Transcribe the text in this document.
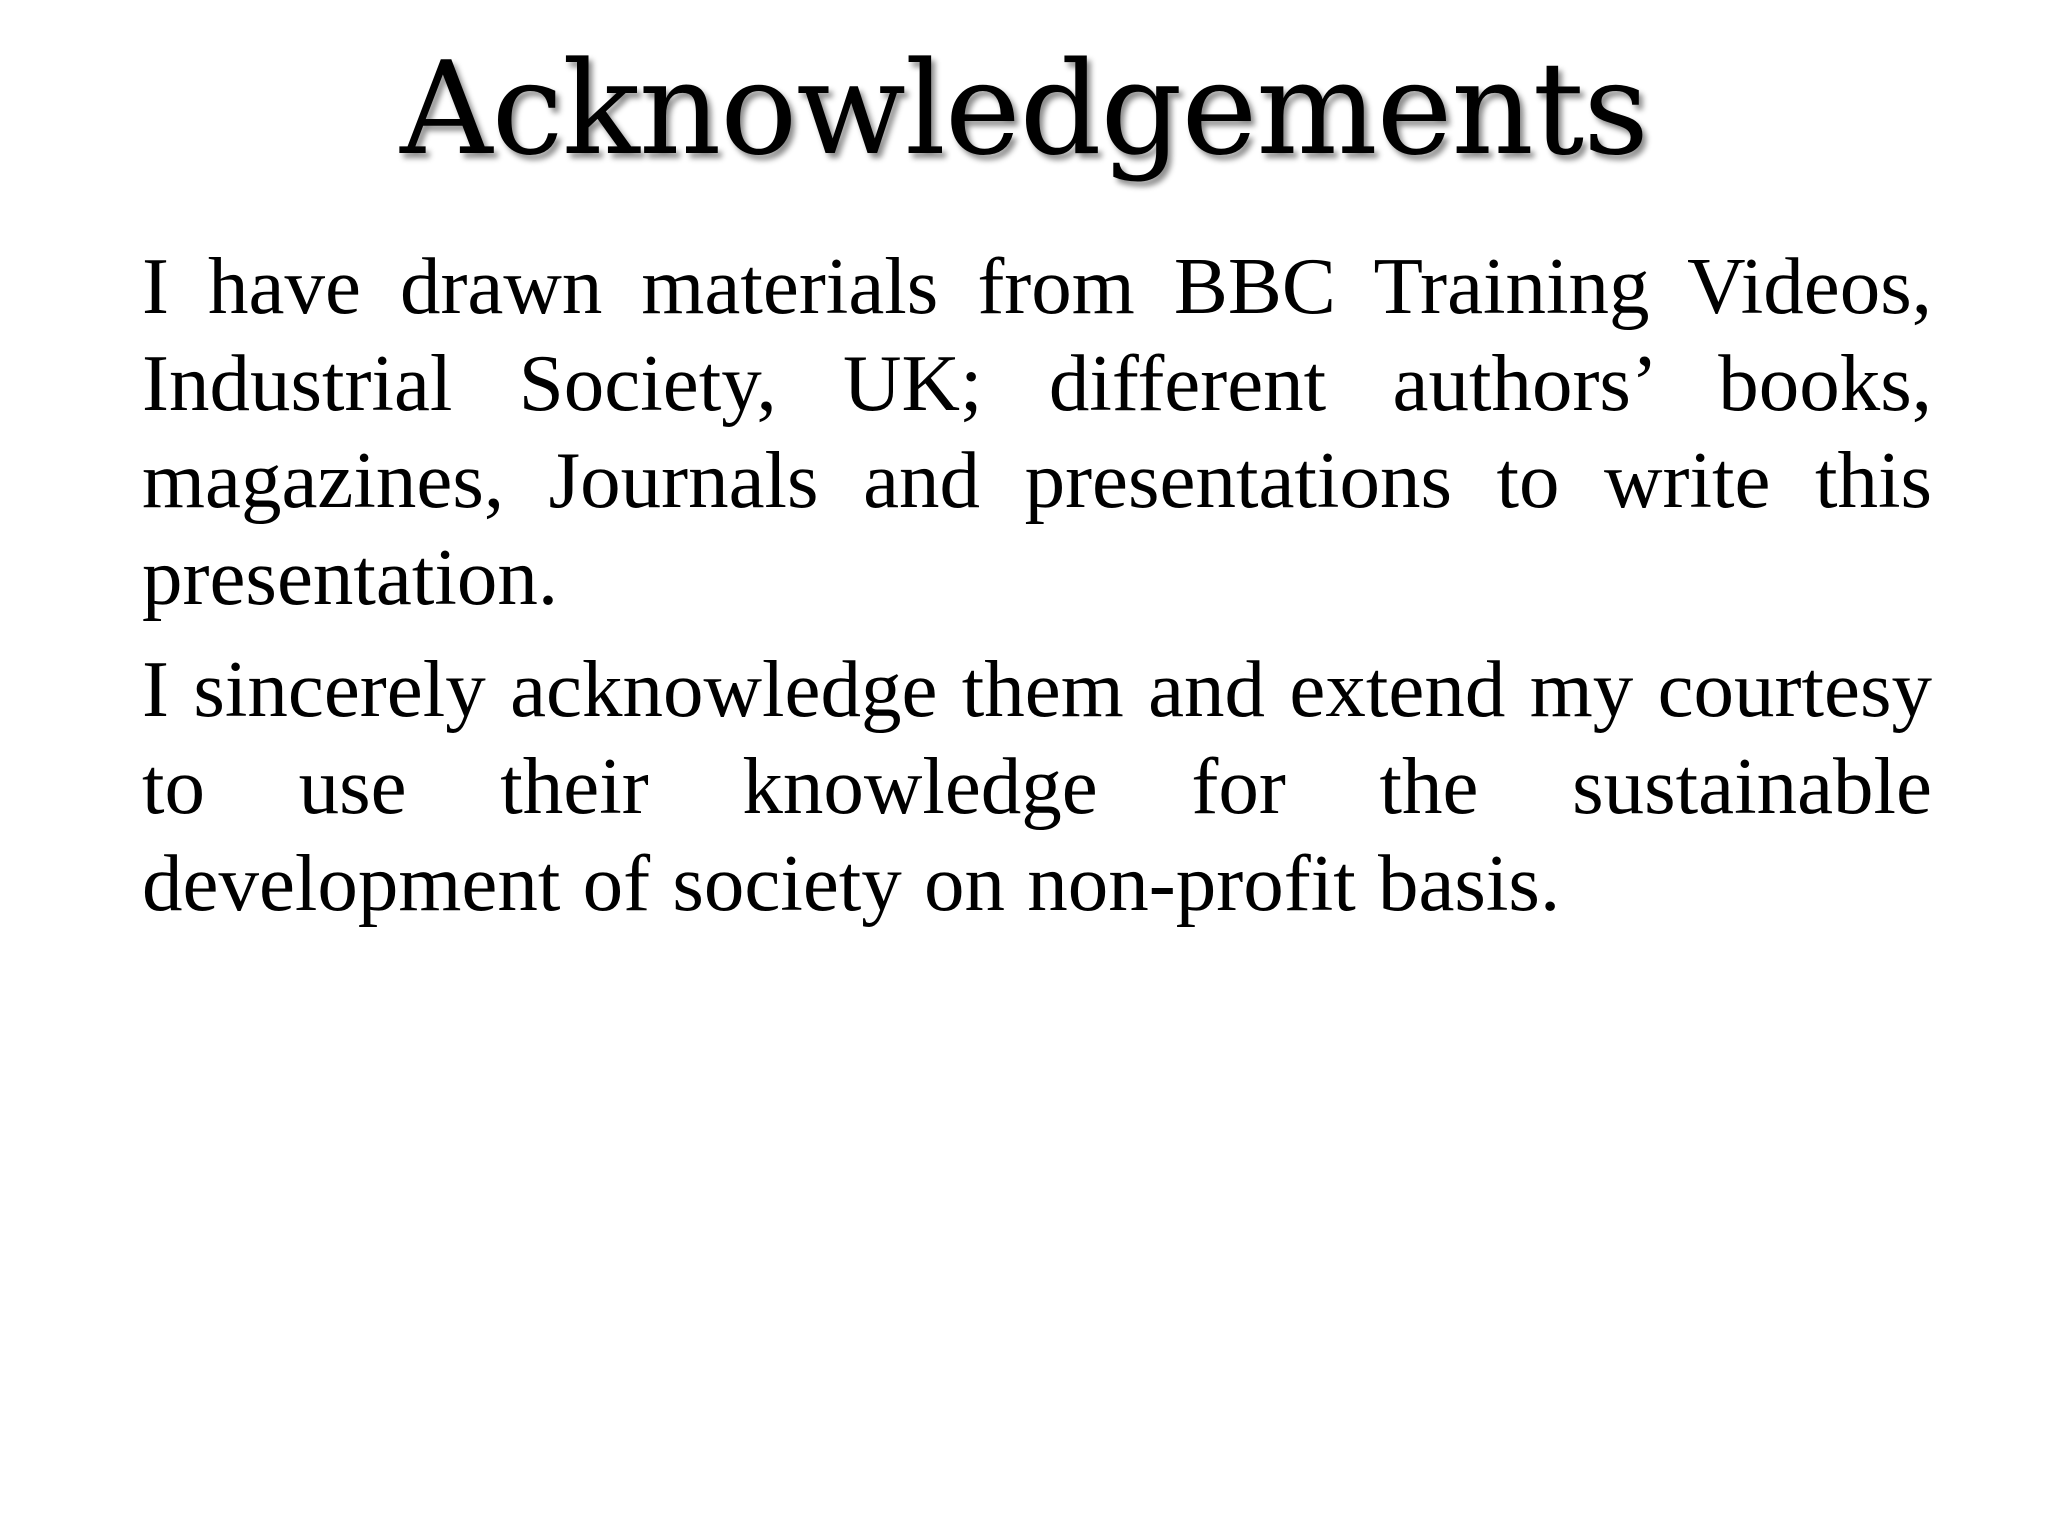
Acknowledgements

I have drawn materials from BBC Training Videos, Industrial Society, UK; different authors’ books, magazines, Journals and presentations to write this presentation.

I sincerely acknowledge them and extend my courtesy to use their knowledge for the sustainable development of society on non-profit basis.
